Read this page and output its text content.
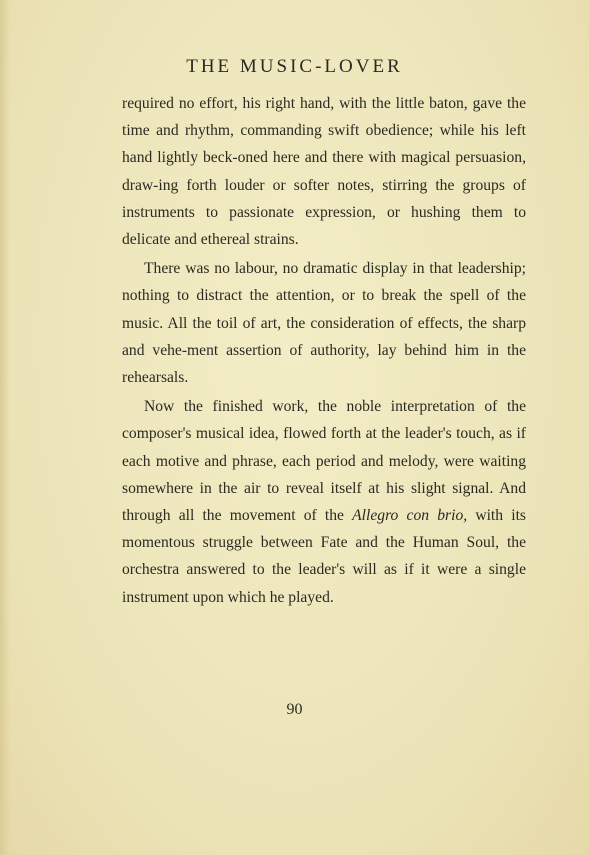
THE MUSIC-LOVER

required no effort, his right hand, with the little baton, gave the time and rhythm, commanding swift obedience; while his left hand lightly beck-oned here and there with magical persuasion, draw-ing forth louder or softer notes, stirring the groups of instruments to passionate expression, or hushing them to delicate and ethereal strains.

There was no labour, no dramatic display in that leadership; nothing to distract the attention, or to break the spell of the music. All the toil of art, the consideration of effects, the sharp and vehe-ment assertion of authority, lay behind him in the rehearsals.

Now the finished work, the noble interpretation of the composer's musical idea, flowed forth at the leader's touch, as if each motive and phrase, each period and melody, were waiting somewhere in the air to reveal itself at his slight signal. And through all the movement of the Allegro con brio, with its momentous struggle between Fate and the Human Soul, the orchestra answered to the leader's will as if it were a single instrument upon which he played.

90
